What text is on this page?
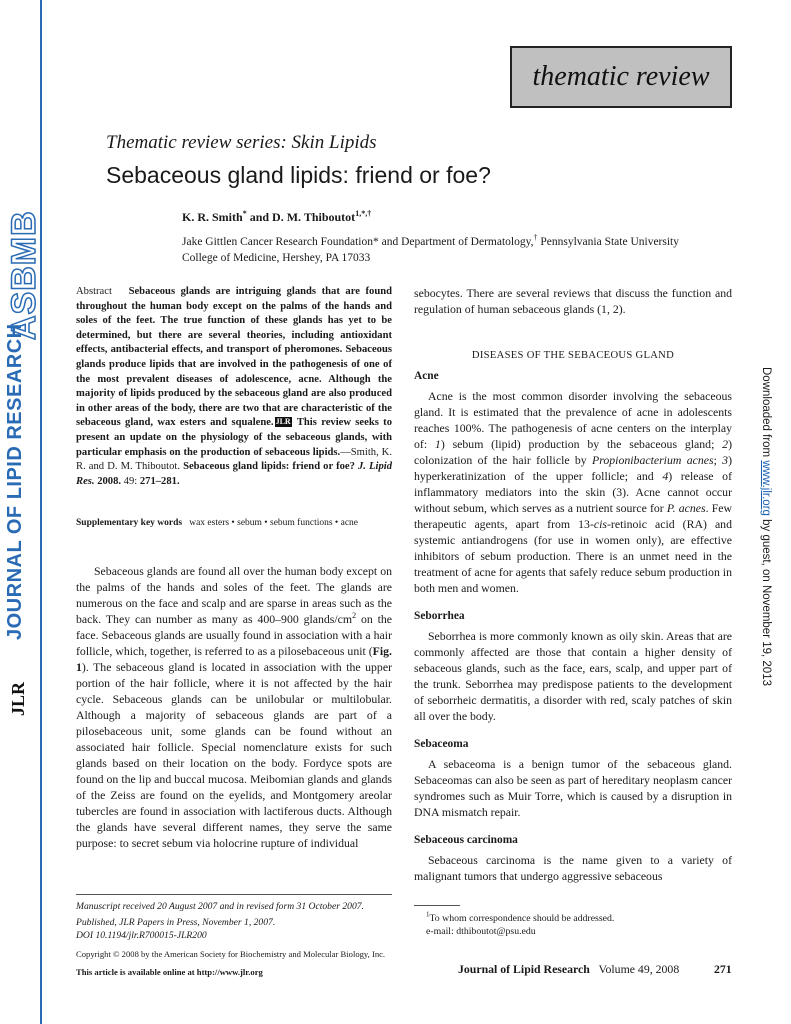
ASBMB
JOURNAL OF LIPID RESEARCH
JLR
Downloaded from www.jlr.org by guest, on November 19, 2013
thematic review
Thematic review series: Skin Lipids
Sebaceous gland lipids: friend or foe?
K. R. Smith* and D. M. Thiboutot$^{1,*,\dagger}$
Jake Gittlen Cancer Research Foundation* and Department of Dermatology,† Pennsylvania State University
College of Medicine, Hershey, PA 17033
Abstract Sebaceous glands are intriguing glands that are found throughout the human body except on the palms of the hands and soles of the feet. The true function of these glands has yet to be determined, but there are several theories, including antioxidant effects, antibacterial effects, and transport of pheromones. Sebaceous glands produce lipids that are involved in the pathogenesis of one of the most prevalent diseases of adolescence, acne. Although the majority of lipids produced by the sebaceous gland are also produced in other areas of the body, there are two that are characteristic of the sebaceous gland, wax esters and squalene. JLR This review seeks to present an update on the physiology of the sebaceous glands, with particular emphasis on the production of sebaceous lipids.—Smith, K. R. and D. M. Thiboutot. Sebaceous gland lipids: friend or foe? J. Lipid Res. 2008. 49: 271–281.
Supplementary key words wax esters • sebum • sebum functions • acne

Sebaceous glands are found all over the human body except on the palms of the hands and soles of the feet. The glands are numerous on the face and scalp and are sparse in areas such as the back. They can number as many as 400–900 glands/$cm^2$ on the face. Sebaceous glands are usually found in association with a hair follicle, which, together, is referred to as a pilosebaceous unit (Fig. 1). The sebaceous gland is located in association with the upper portion of the hair follicle, where it is not affected by the hair cycle. Sebaceous glands can be unilobular or multilobular. Although a majority of sebaceous glands are part of a pilosebaceous unit, some glands can be found without an associated hair follicle. Special nomenclature exists for such glands based on their location on the body. Fordyce spots are found on the lip and buccal mucosa. Meibomian glands and glands of the Zeiss are found on the eyelids, and Montgomery areolar tubercles are found in association with lactiferous ducts. Although the glands have several different names, they serve the same purpose: to secret sebum via holocrine rupture of individual

Manuscript received 20 August 2007 and in revised form 31 October 2007.
Published, JLR Papers in Press, November 1, 2007.
DOI 10.1194/jlr.R700015-JLR200
Copyright © 2008 by the American Society for Biochemistry and Molecular Biology, Inc.
This article is available online at http://www.jlr.org

sebocytes. There are several reviews that discuss the function and regulation of human sebaceous glands (1, 2).

DISEASES OF THE SEBACEOUS GLAND
Acne

Acne is the most common disorder involving the sebaceous gland. It is estimated that the prevalence of acne in adolescents reaches 100%. The pathogenesis of acne centers on the interplay of: 1) sebum (lipid) production by the sebaceous gland; 2) colonization of the hair follicle by Propionibacterium acnes; 3) hyperkeratinization of the upper follicle; and 4) release of inflammatory mediators into the skin (3). Acne cannot occur without sebum, which serves as a nutrient source for P. acnes. Few therapeutic agents, apart from 13-cis-retinoic acid (RA) and systemic antiandrogens (for use in women only), are effective inhibitors of sebum production. There is an unmet need in the treatment of acne for agents that safely reduce sebum production in both men and women.

Seborrhea

Seborrhea is more commonly known as oily skin. Areas that are commonly affected are those that contain a higher density of sebaceous glands, such as the face, ears, scalp, and upper part of the trunk. Seborrhea may predispose patients to the development of seborrheic dermatitis, a disorder with red, scaly patches of skin all over the body.

Sebaceoma

A sebaceoma is a benign tumor of the sebaceous gland. Sebaceomas can also be seen as part of hereditary neoplasm cancer syndromes such as Muir Torre, which is caused by a disruption in DNA mismatch repair.

Sebaceous carcinoma

Sebaceous carcinoma is the name given to a variety of malignant tumors that undergo aggressive sebaceous

$^1$To whom correspondence should be addressed.
e-mail: dthiboutot@psu.edu
Journal of Lipid Research Volume 49, 2008	271
